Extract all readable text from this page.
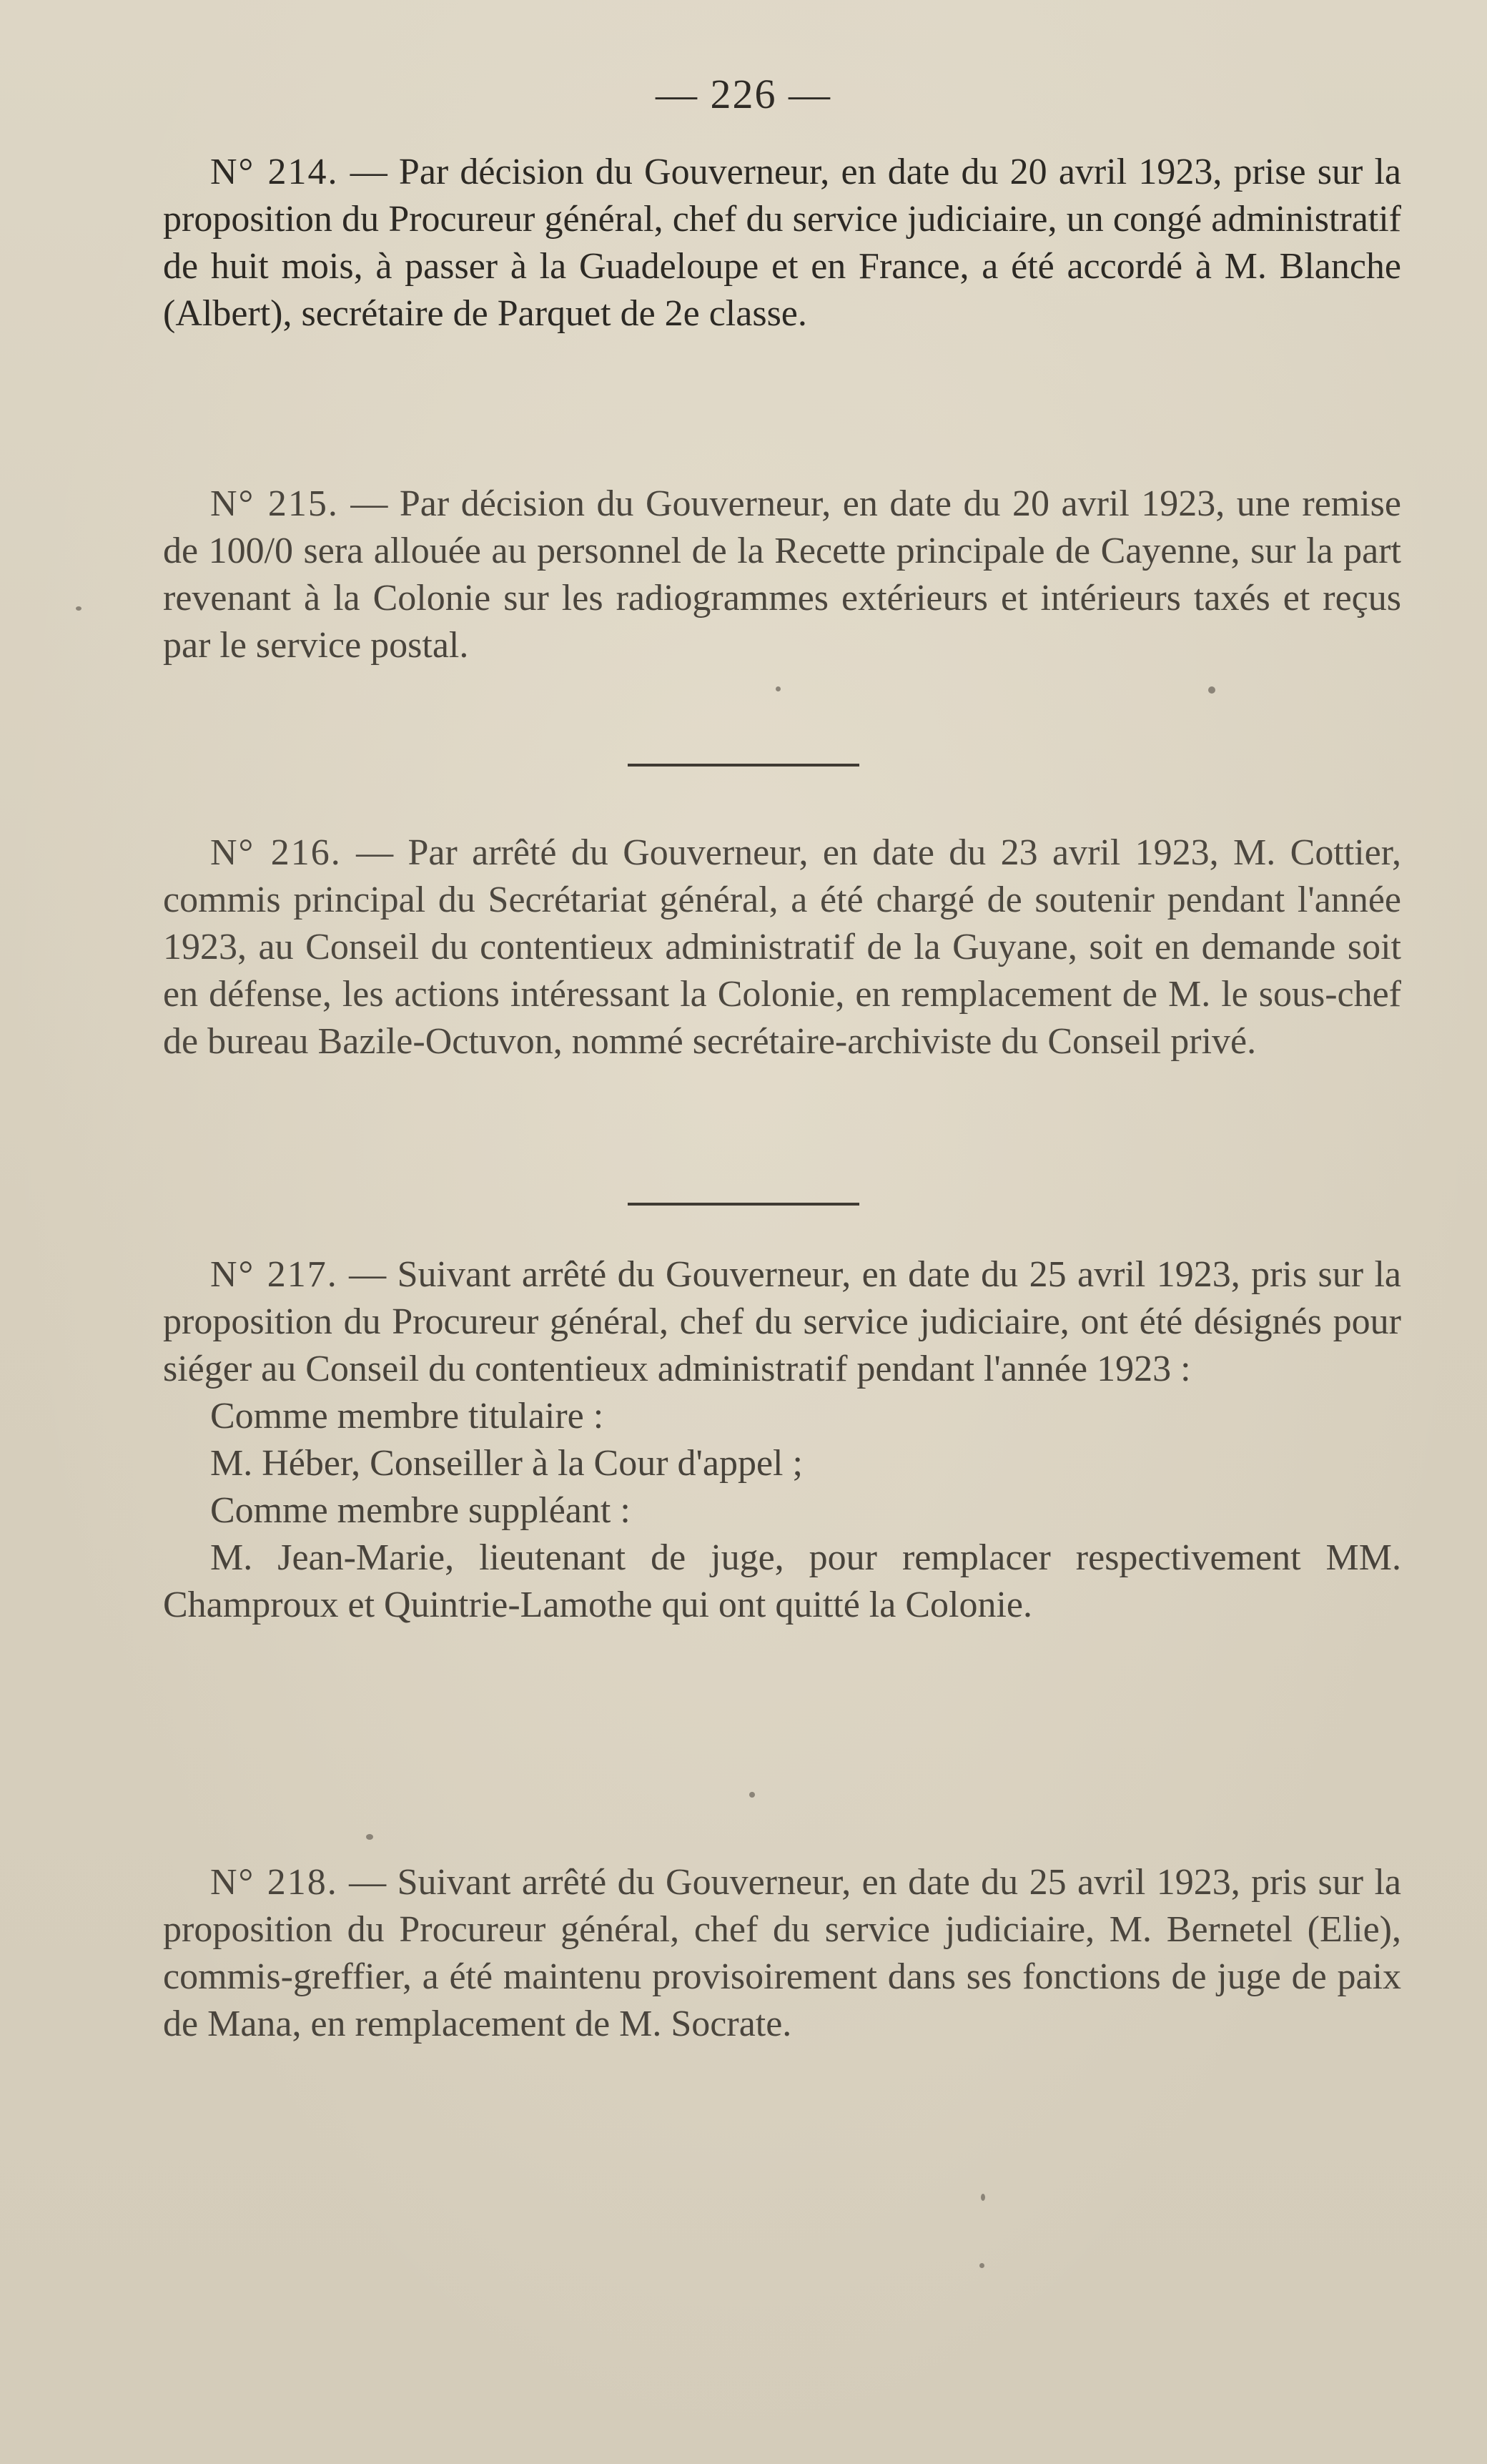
— 226 —

N° 214. — Par décision du Gouverneur, en date du 20 avril 1923, prise sur la proposition du Procureur général, chef du service judiciaire, un congé administratif de huit mois, à passer à la Guadeloupe et en France, a été accordé à M. Blanche (Albert), secrétaire de Parquet de 2e classe.

N° 215. — Par décision du Gouverneur, en date du 20 avril 1923, une remise de 100/0 sera allouée au personnel de la Recette principale de Cayenne, sur la part revenant à la Colonie sur les radiogrammes extérieurs et intérieurs taxés et reçus par le service postal.

N° 216. — Par arrêté du Gouverneur, en date du 23 avril 1923, M. Cottier, commis principal du Secrétariat général, a été chargé de soutenir pendant l'année 1923, au Conseil du contentieux administratif de la Guyane, soit en demande soit en défense, les actions intéressant la Colonie, en remplacement de M. le sous-chef de bureau Bazile-Octuvon, nommé secrétaire-archiviste du Conseil privé.

N° 217. — Suivant arrêté du Gouverneur, en date du 25 avril 1923, pris sur la proposition du Procureur général, chef du service judiciaire, ont été désignés pour siéger au Conseil du contentieux administratif pendant l'année 1923 :

Comme membre titulaire :

M. Héber, Conseiller à la Cour d'appel ;

Comme membre suppléant :

M. Jean-Marie, lieutenant de juge, pour remplacer respectivement MM. Champroux et Quintrie-Lamothe qui ont quitté la Colonie.

N° 218. — Suivant arrêté du Gouverneur, en date du 25 avril 1923, pris sur la proposition du Procureur général, chef du service judiciaire, M. Bernetel (Elie), commis-greffier, a été maintenu provisoirement dans ses fonctions de juge de paix de Mana, en remplacement de M. Socrate.
